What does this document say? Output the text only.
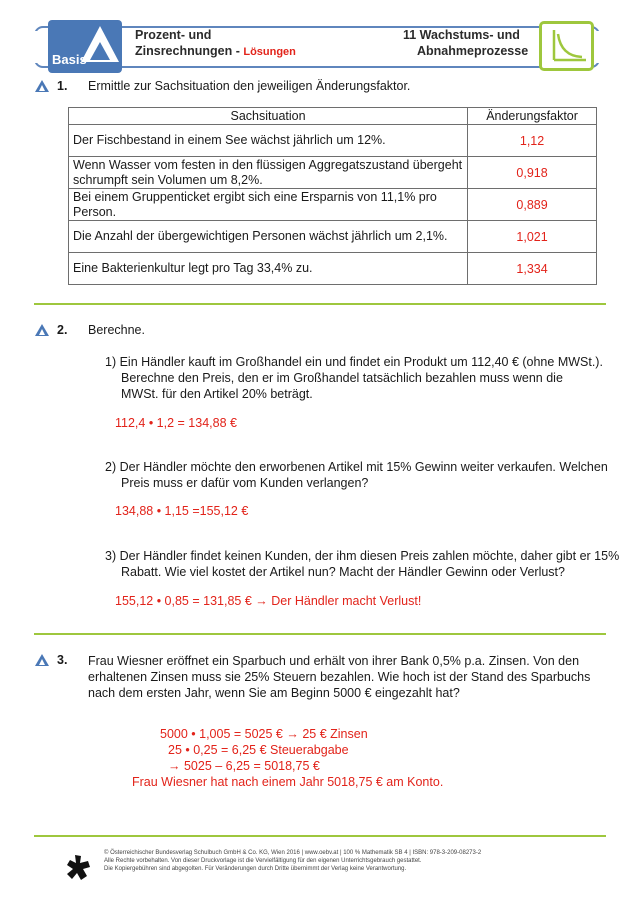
Basis
Prozent- und
Zinsrechnungen - Lösungen
11 Wachstums- und
Abnahmeprozesse
1. Ermittle zur Sachsituation den jeweiligen Änderungsfaktor.
Sachsituation	Änderungsfaktor
Der Fischbestand in einem See wächst jährlich um 12%.	1,12
Wenn Wasser vom festen in den flüssigen Aggregatszustand übergeht schrumpft sein Volumen um 8,2%.	0,918
Bei einem Gruppenticket ergibt sich eine Ersparnis von 11,1% pro Person.	0,889
Die Anzahl der übergewichtigen Personen wächst jährlich um 2,1%.	1,021
Eine Bakterienkultur legt pro Tag 33,4% zu.	1,334
2. Berechne.
1) Ein Händler kauft im Großhandel ein und findet ein Produkt um 112,40 € (ohne MWSt.).
Berechne den Preis, den er im Großhandel tatsächlich bezahlen muss wenn die
MWSt. für den Artikel 20% beträgt.
112,4 • 1,2 = 134,88 €
2) Der Händler möchte den erworbenen Artikel mit 15% Gewinn weiter verkaufen. Welchen
Preis muss er dafür vom Kunden verlangen?
134,88 • 1,15 =155,12 €
3) Der Händler findet keinen Kunden, der ihm diesen Preis zahlen möchte, daher gibt er 15%
Rabatt. Wie viel kostet der Artikel nun? Macht der Händler Gewinn oder Verlust?
155,12 • 0,85 = 131,85 € → Der Händler macht Verlust!
3. Frau Wiesner eröffnet ein Sparbuch und erhält von ihrer Bank 0,5% p.a. Zinsen. Von den
erhaltenen Zinsen muss sie 25% Steuern bezahlen. Wie hoch ist der Stand des Sparbuchs
nach dem ersten Jahr, wenn Sie am Beginn 5000 € eingezahlt hat?
5000 • 1,005 = 5025 € → 25 € Zinsen
25 • 0,25 = 6,25 € Steuerabgabe
→ 5025 – 6,25 = 5018,75 €
Frau Wiesner hat nach einem Jahr 5018,75 € am Konto.
© Österreichischer Bundesverlag Schulbuch GmbH & Co. KG, Wien 2016 | www.oebv.at | 100 % Mathematik SB 4 | ISBN: 978-3-209-08273-2
Alle Rechte vorbehalten. Von dieser Druckvorlage ist die Vervielfältigung für den eigenen Unterrichtsgebrauch gestattet.
Die Kopiergebühren sind abgegolten. Für Veränderungen durch Dritte übernimmt der Verlag keine Verantwortung.
